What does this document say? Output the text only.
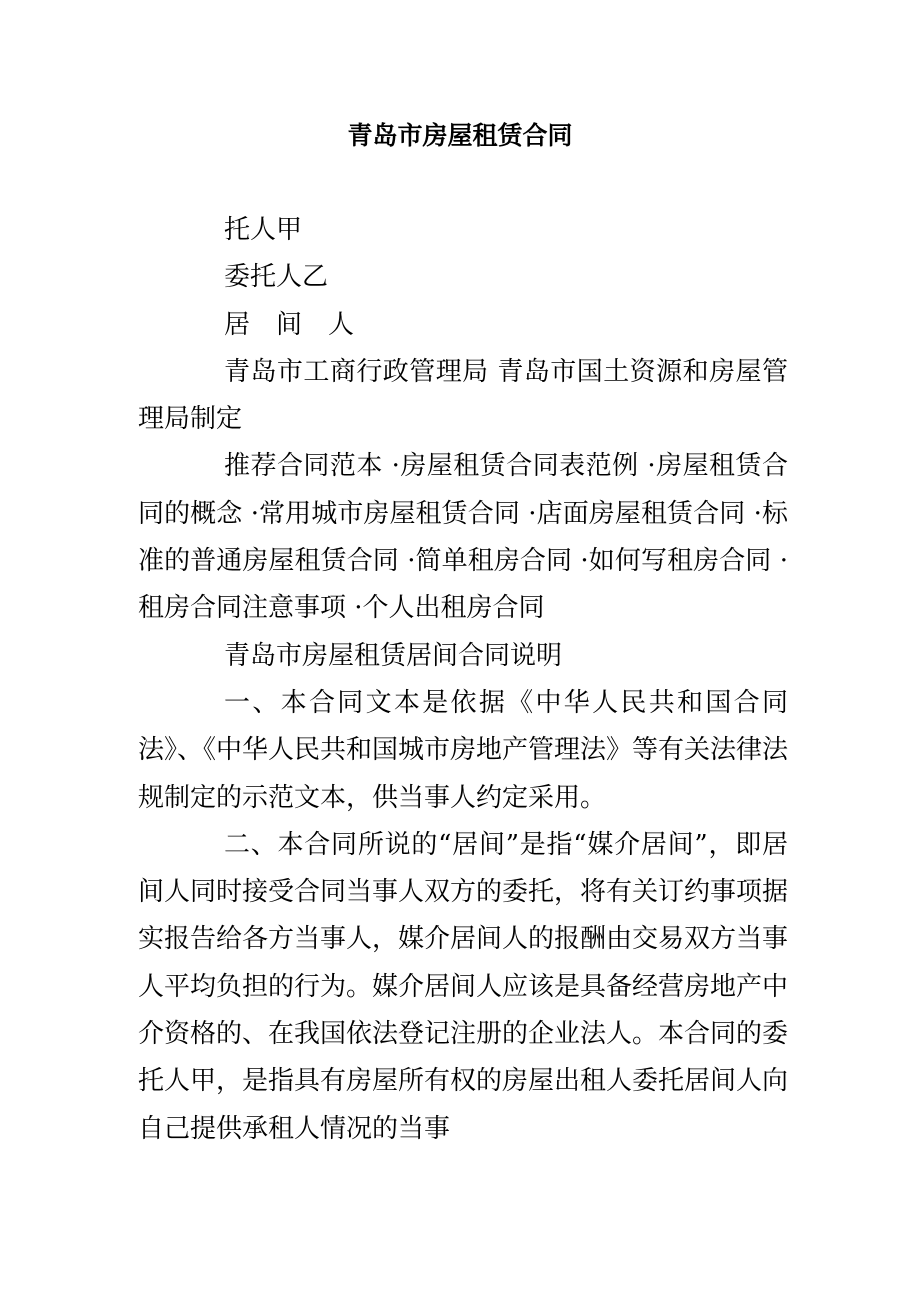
青岛市房屋租赁合同

托人甲

委托人乙

居　间　人

青岛市工商行政管理局 青岛市国土资源和房屋管理局制定

推荐合同范本 ·房屋租赁合同表范例 ·房屋租赁合同的概念 ·常用城市房屋租赁合同 ·店面房屋租赁合同 ·标准的普通房屋租赁合同 ·简单租房合同 ·如何写租房合同 ·租房合同注意事项 ·个人出租房合同

青岛市房屋租赁居间合同说明

一、本合同文本是依据《中华人民共和国合同法》、《中华人民共和国城市房地产管理法》等有关法律法规制定的示范文本，供当事人约定采用。

二、本合同所说的“居间”是指“媒介居间”，即居间人同时接受合同当事人双方的委托，将有关订约事项据实报告给各方当事人，媒介居间人的报酬由交易双方当事人平均负担的行为。媒介居间人应该是具备经营房地产中介资格的、在我国依法登记注册的企业法人。本合同的委托人甲，是指具有房屋所有权的房屋出租人委托居间人向自己提供承租人情况的当事
